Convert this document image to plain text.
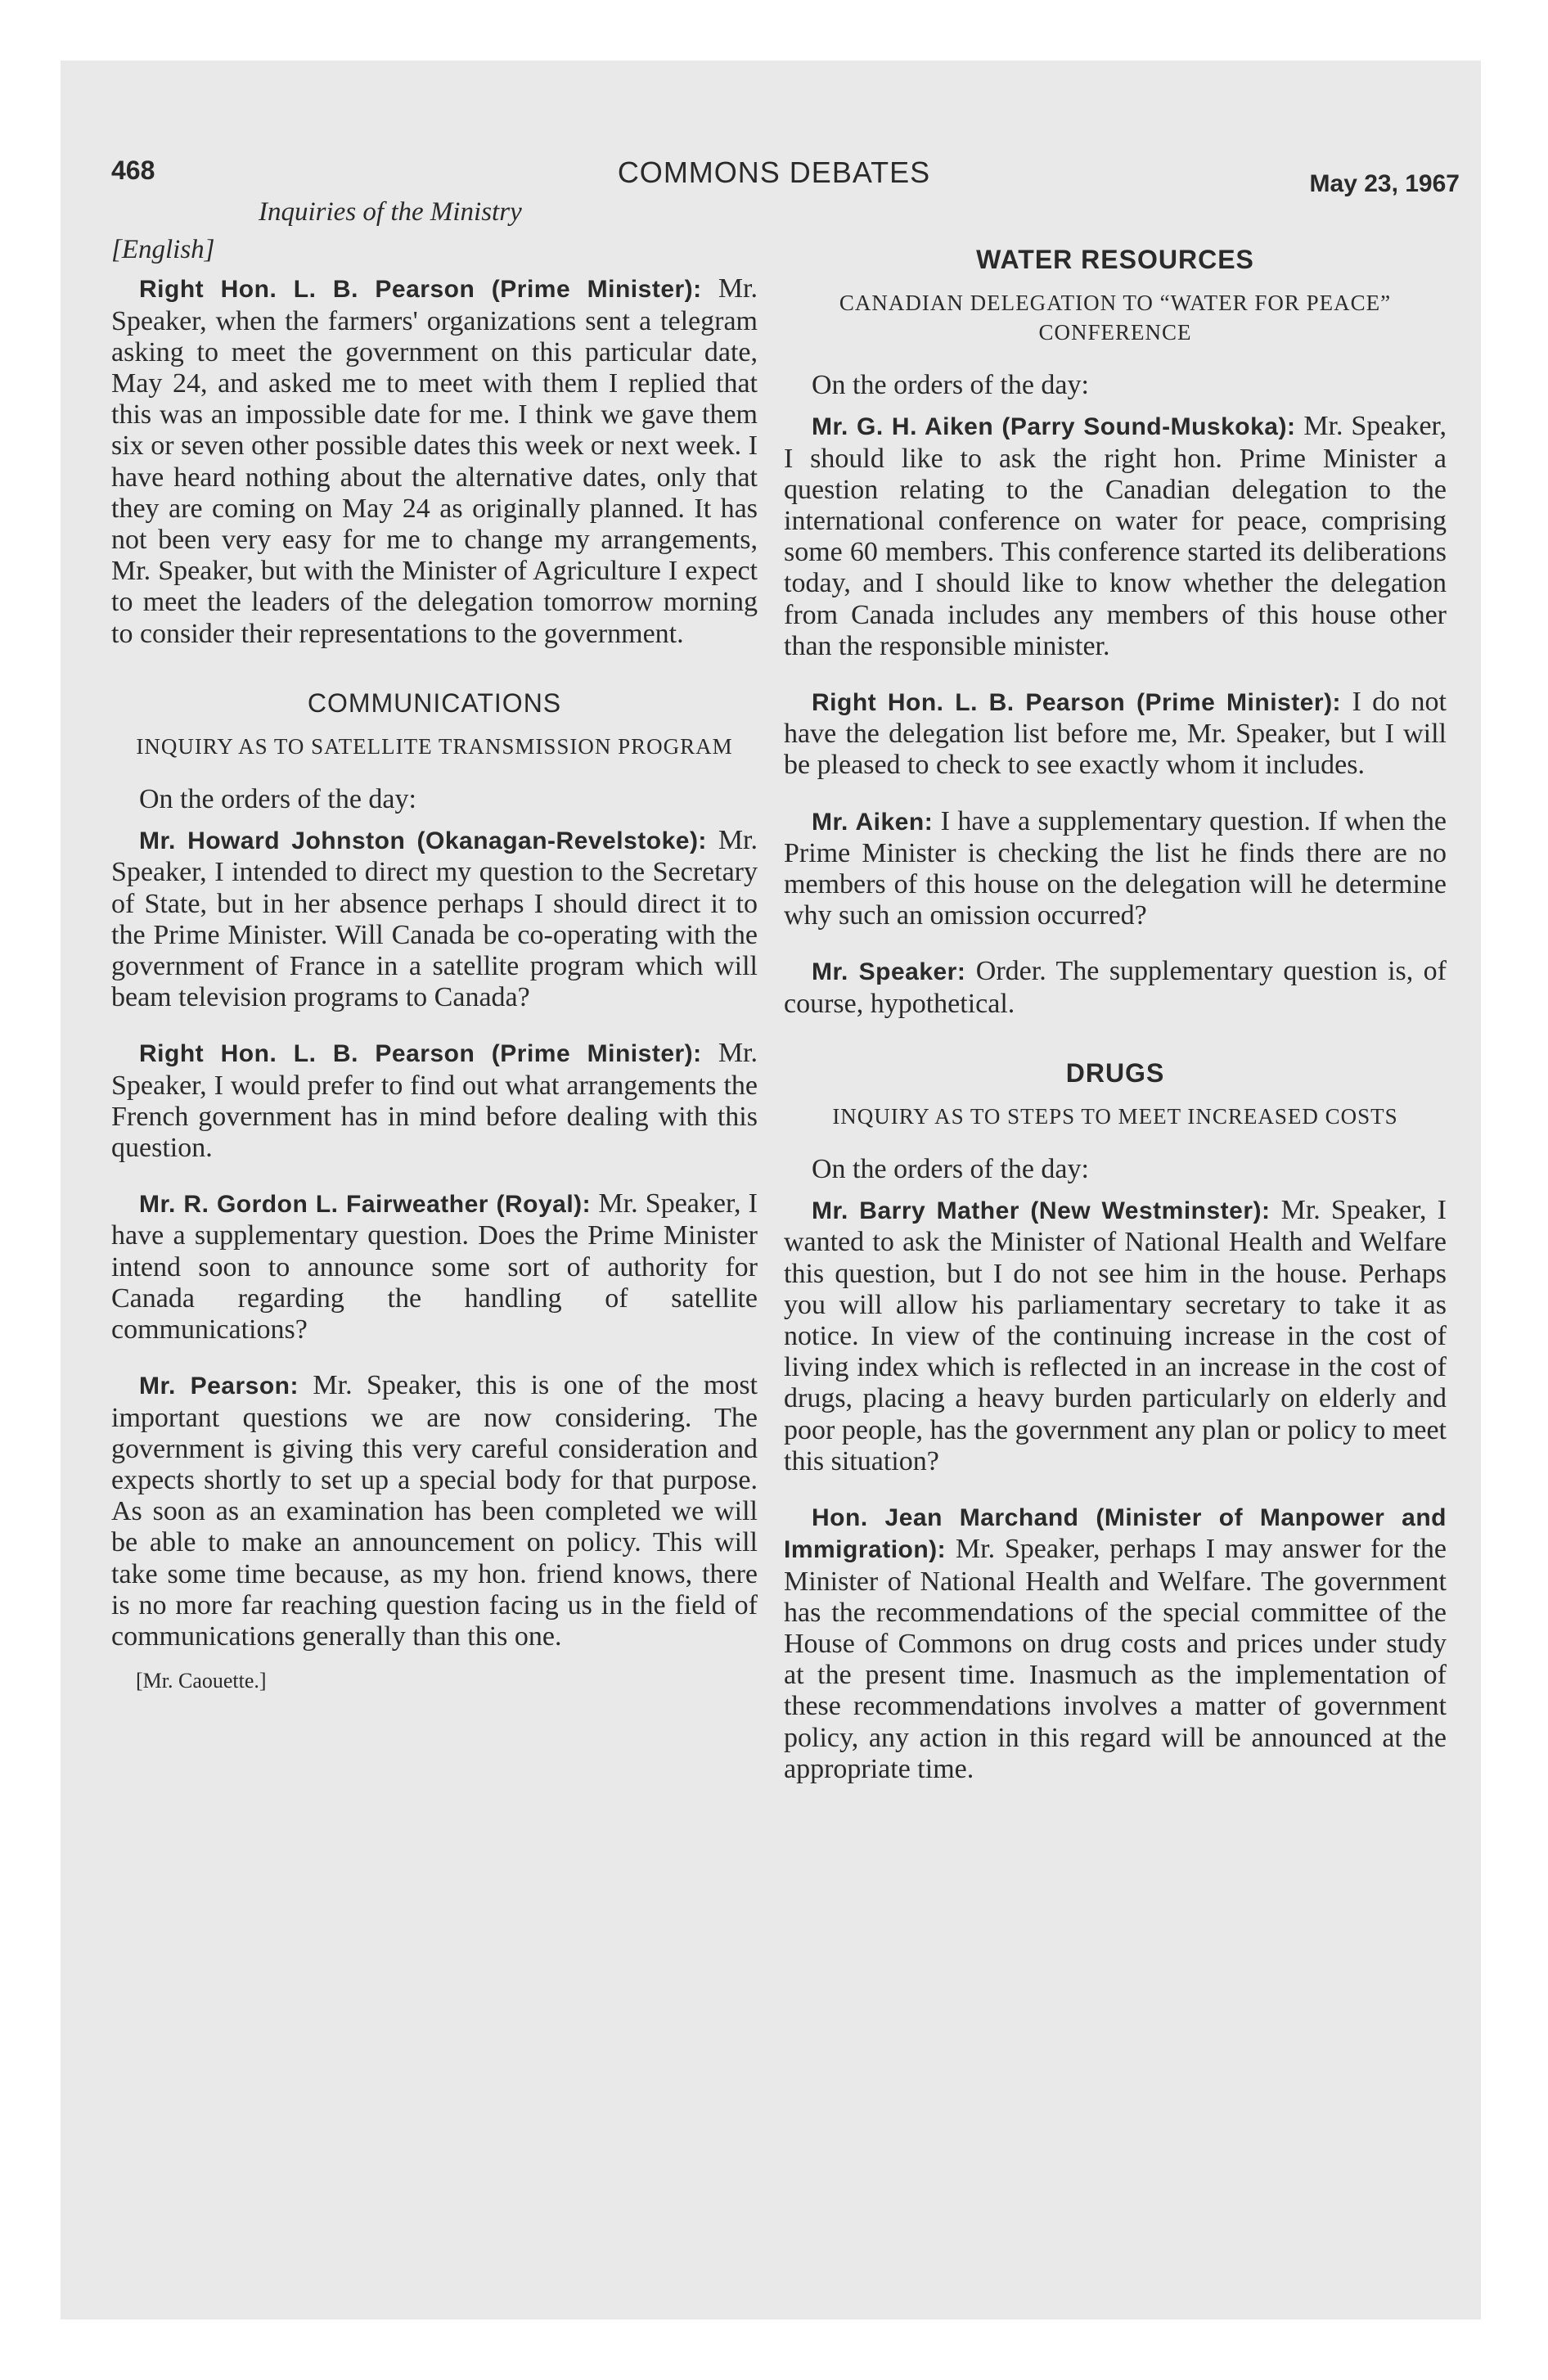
468	COMMONS DEBATES	May 23, 1967
Inquiries of the Ministry
[English]

Right Hon. L. B. Pearson (Prime Minister): Mr. Speaker, when the farmers' organizations sent a telegram asking to meet the government on this particular date, May 24, and asked me to meet with them I replied that this was an impossible date for me. I think we gave them six or seven other possible dates this week or next week. I have heard nothing about the alternative dates, only that they are coming on May 24 as originally planned. It has not been very easy for me to change my arrangements, Mr. Speaker, but with the Minister of Agriculture I expect to meet the leaders of the delegation tomorrow morning to consider their representations to the government.

COMMUNICATIONS
INQUIRY AS TO SATELLITE TRANSMISSION PROGRAM
On the orders of the day:

Mr. Howard Johnston (Okanagan-Revelstoke): Mr. Speaker, I intended to direct my question to the Secretary of State, but in her absence perhaps I should direct it to the Prime Minister. Will Canada be co-operating with the government of France in a satellite program which will beam television programs to Canada?

Right Hon. L. B. Pearson (Prime Minister): Mr. Speaker, I would prefer to find out what arrangements the French government has in mind before dealing with this question.

Mr. R. Gordon L. Fairweather (Royal): Mr. Speaker, I have a supplementary question. Does the Prime Minister intend soon to announce some sort of authority for Canada regarding the handling of satellite communications?

Mr. Pearson: Mr. Speaker, this is one of the most important questions we are now considering. The government is giving this very careful consideration and expects shortly to set up a special body for that purpose. As soon as an examination has been completed we will be able to make an announcement on policy. This will take some time because, as my hon. friend knows, there is no more far reaching question facing us in the field of communications generally than this one.

[Mr. Caouette.]
WATER RESOURCES
CANADIAN DELEGATION TO “WATER FOR PEACE” CONFERENCE
On the orders of the day:

Mr. G. H. Aiken (Parry Sound-Muskoka): Mr. Speaker, I should like to ask the right hon. Prime Minister a question relating to the Canadian delegation to the international conference on water for peace, comprising some 60 members. This conference started its deliberations today, and I should like to know whether the delegation from Canada includes any members of this house other than the responsible minister.

Right Hon. L. B. Pearson (Prime Minister): I do not have the delegation list before me, Mr. Speaker, but I will be pleased to check to see exactly whom it includes.

Mr. Aiken: I have a supplementary question. If when the Prime Minister is checking the list he finds there are no members of this house on the delegation will he determine why such an omission occurred?

Mr. Speaker: Order. The supplementary question is, of course, hypothetical.

DRUGS
INQUIRY AS TO STEPS TO MEET INCREASED COSTS
On the orders of the day:

Mr. Barry Mather (New Westminster): Mr. Speaker, I wanted to ask the Minister of National Health and Welfare this question, but I do not see him in the house. Perhaps you will allow his parliamentary secretary to take it as notice. In view of the continuing increase in the cost of living index which is reflected in an increase in the cost of drugs, placing a heavy burden particularly on elderly and poor people, has the government any plan or policy to meet this situation?

Hon. Jean Marchand (Minister of Manpower and Immigration): Mr. Speaker, perhaps I may answer for the Minister of National Health and Welfare. The government has the recommendations of the special committee of the House of Commons on drug costs and prices under study at the present time. Inasmuch as the implementation of these recommendations involves a matter of government policy, any action in this regard will be announced at the appropriate time.
